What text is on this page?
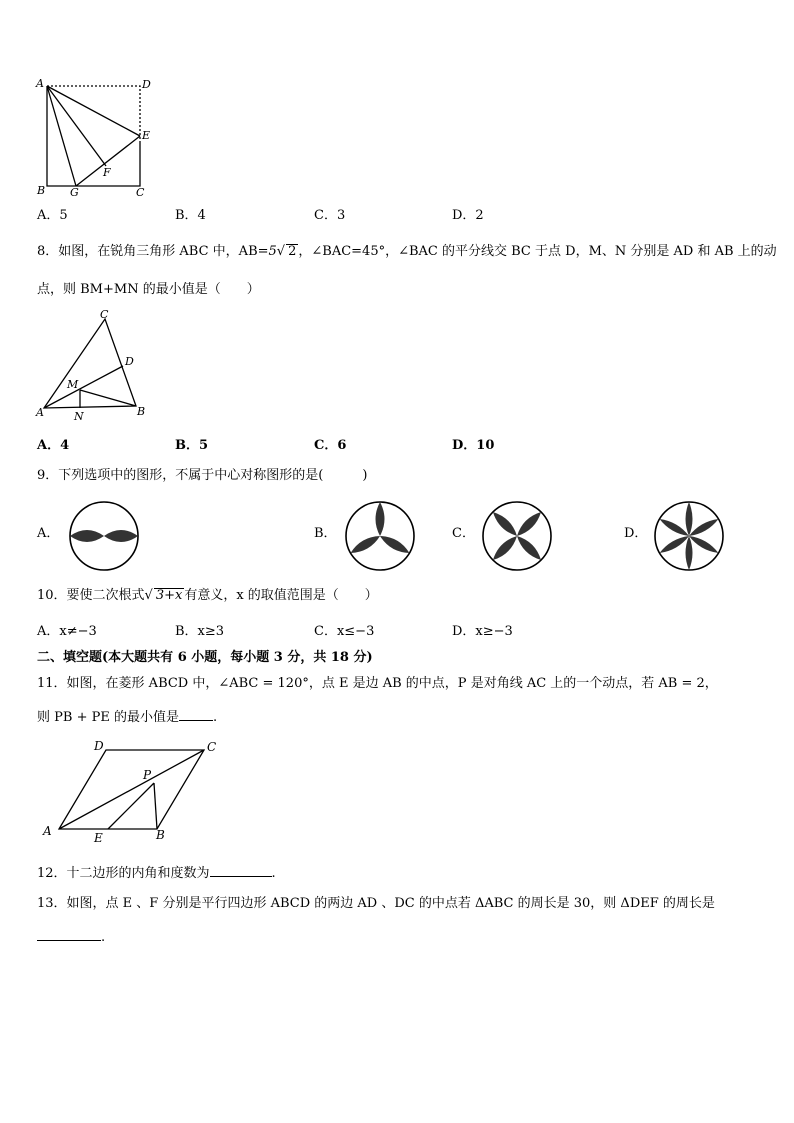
A	D
E
F
B G	C
A．5	B．4	C．3	D．2
8．如图，在锐角三角形 ABC 中，AB=5√ 2 ，∠BAC=45°，∠BAC 的平分线交 BC 于点 D，M、N 分别是 AD 和 AB 上的动
点，则 BM+MN 的最小值是（　　）
C
D
M
A	N	B
A．4	B．5	C．6	D．10
9．下列选项中的图形，不属于中心对称图形的是(　　　)
A．	B．	C．	D．
10．要使二次根式√ 3+x 有意义，x 的取值范围是（　　）
A．x≠−3	B．x≥3	C．x≤−3	D．x≥−3
二、填空题(本大题共有 6 小题，每小题 3 分，共 18 分)
11．如图，在菱形 ABCD 中，∠ABC = 120°，点 E 是边 AB 的中点，P 是对角线 AC 上的一个动点，若 AB = 2，
则 PB + PE 的最小值是	.
D	C
P
A	E	B
12．十二边形的内角和度数为	.
13．如图，点 E 、F 分别是平行四边形 ABCD 的两边 AD 、DC 的中点若 ΔABC 的周长是 30，则 ΔDEF 的周长是
.
